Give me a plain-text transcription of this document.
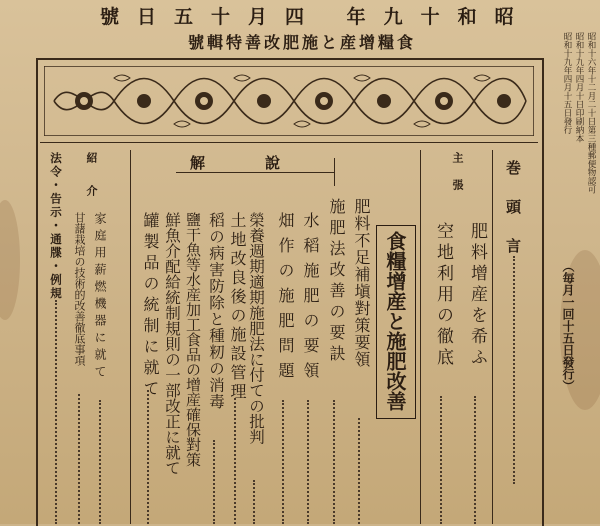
號日五十月四 年九十和昭
號輯特善改肥施と産增糧食
巻頭言
主張
肥料增産を希ふ
空地利用の徹底
食糧增産と施肥改善
肥料不足補塡對策要領
施肥法改善の要訣
水稻施肥の要領
畑作の施肥問題
榮養週期適期施肥法に付ての批判
解說
土地改良後の施設管理
稻の病害防除と種籾の消毒
鹽干魚等水産加工食品の增産確保對策
鮮魚介配給統制規則の一部改正に就て
罐製品の統制に就て
紹介
家庭用薪燃機器に就て
甘藷栽培の技術的改善徹底事項
法令・告示・通牒・例規
昭和十六年十二月二十日第三種郵便物認可
昭和十九年四月十日印刷納本
昭和十九年四月十五日發行
（毎月一回十五日發行）
